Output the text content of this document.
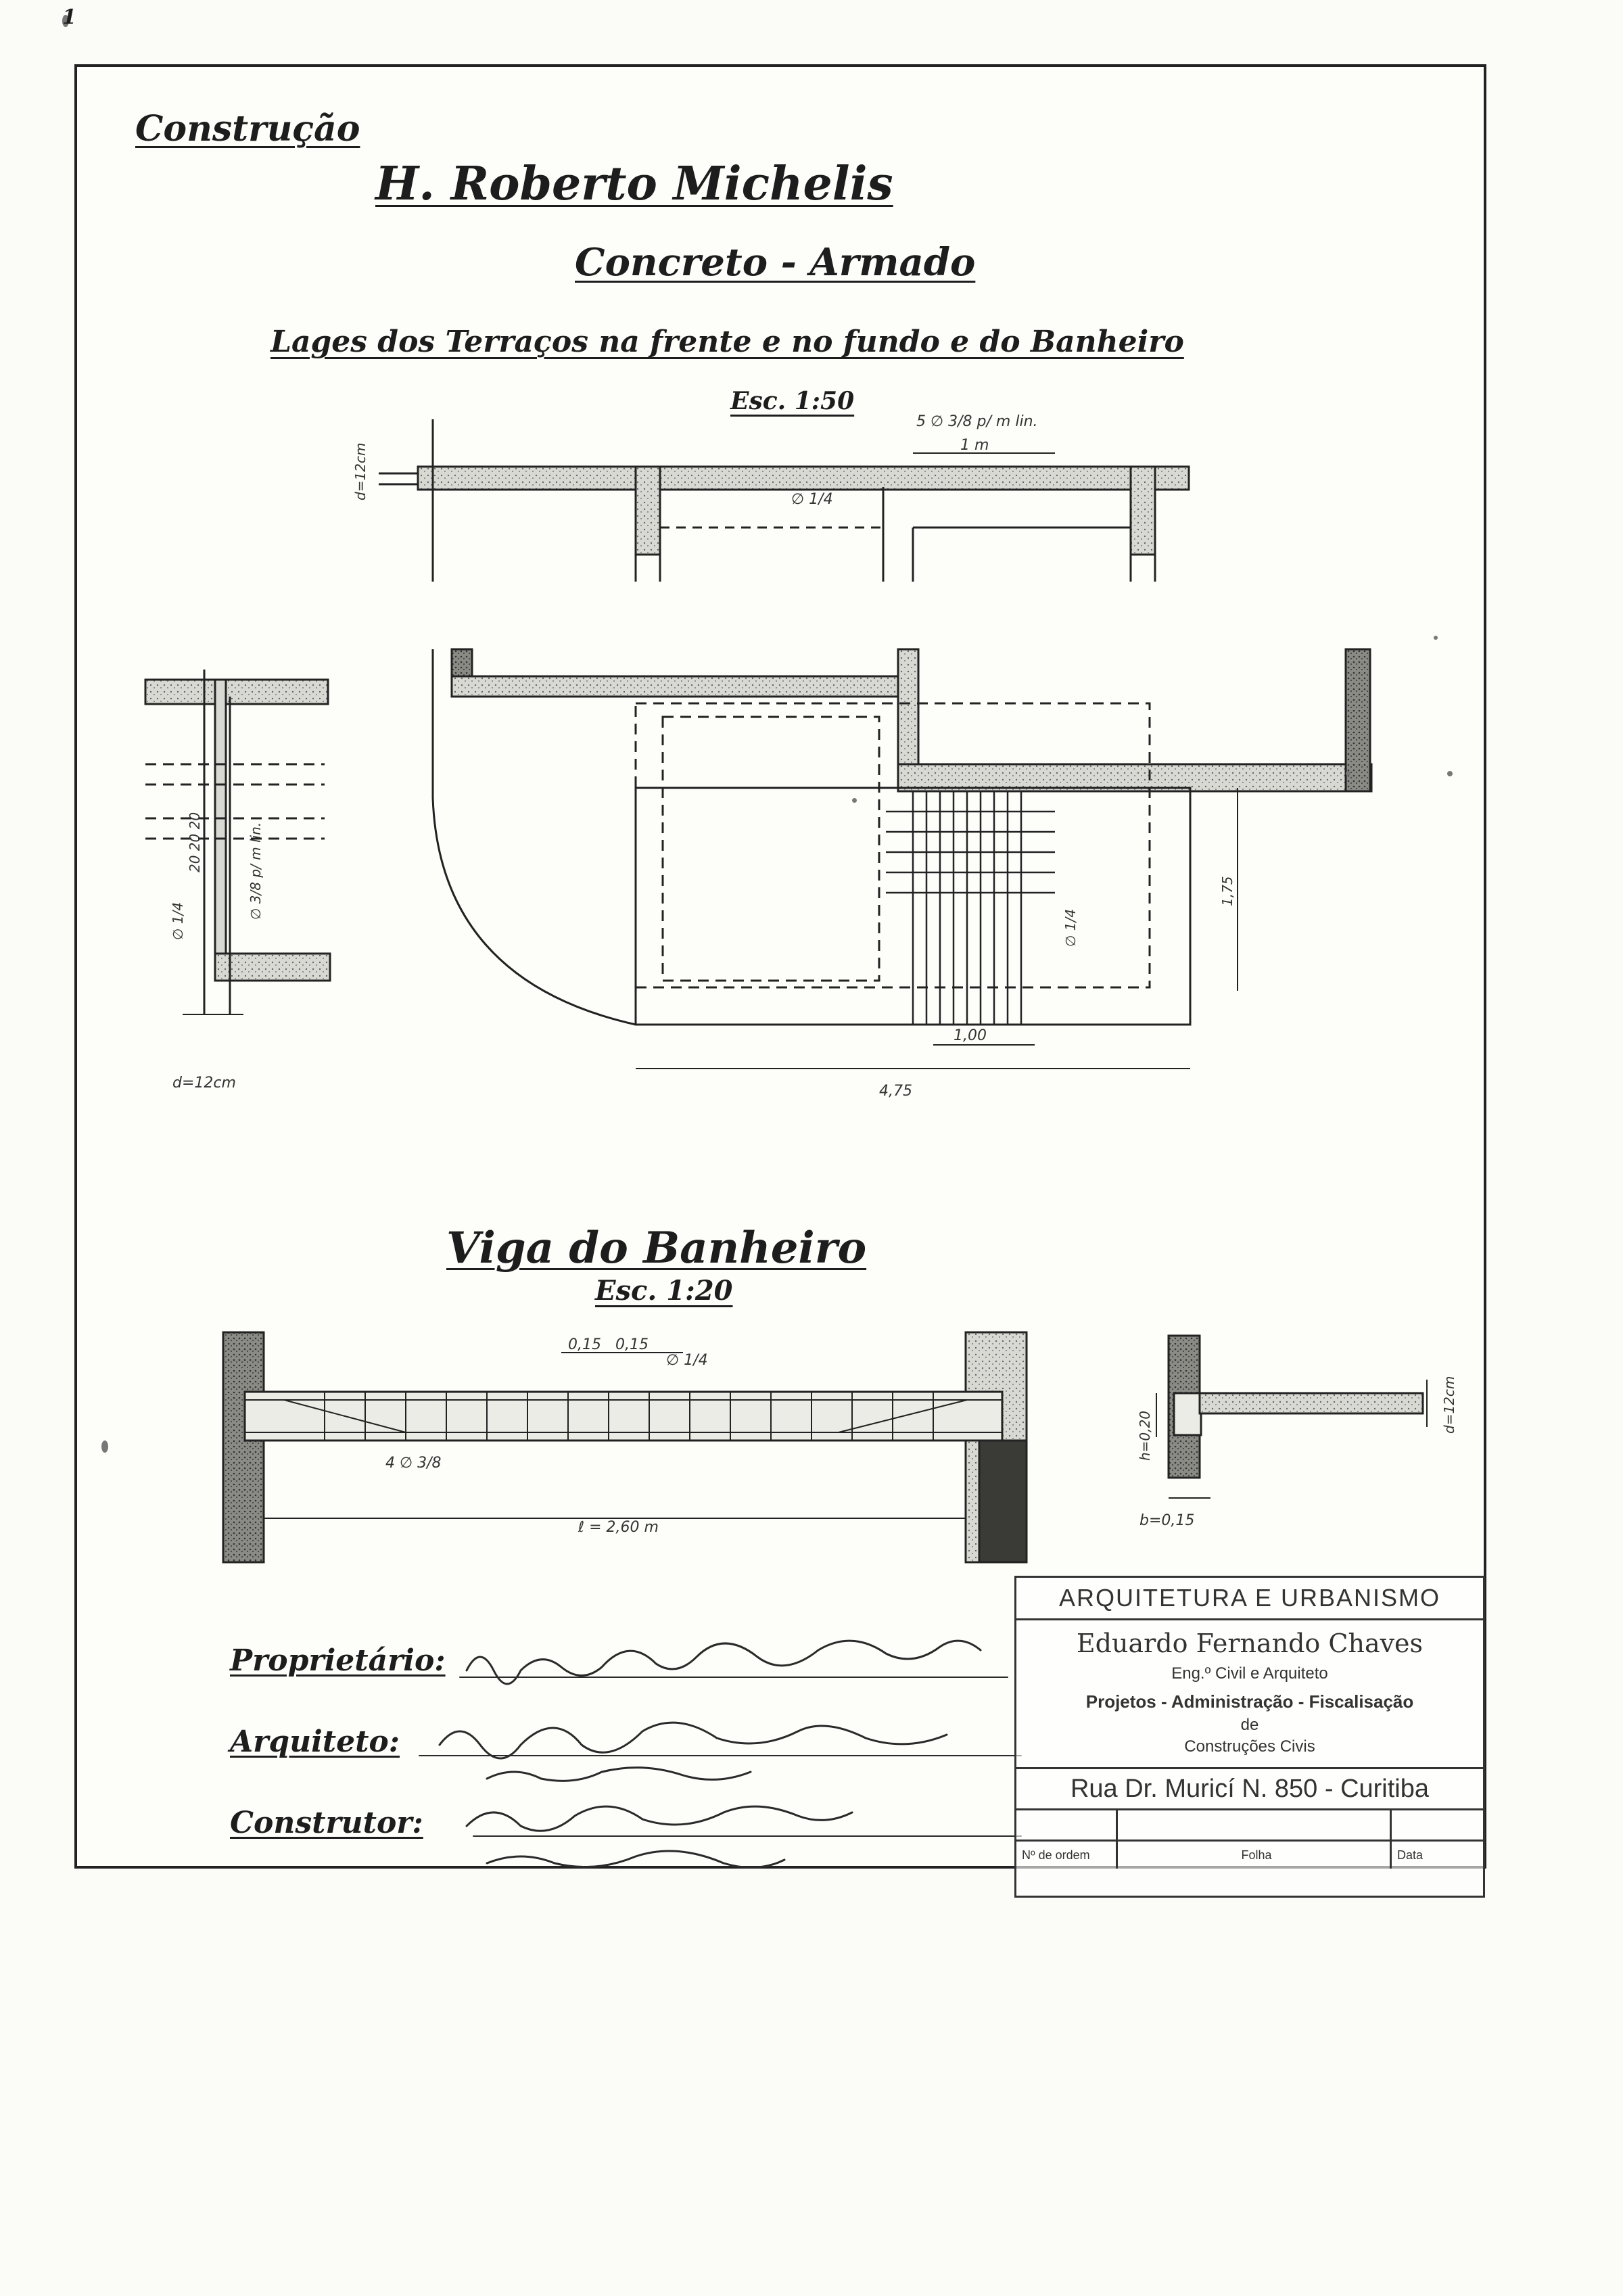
Construção
H. Roberto Michelis
Concreto - Armado
Lages dos Terraços na frente e no fundo e do Banheiro
Esc. 1:50
d=12cm
5 ∅ 3/8 p/ m lin.
1 m
∅ 1/4
∅ 3/8 p/ m lin.
20 20 20
∅ 1/4
d=12cm	4,75
1,00
1,75
∅ 1/4
0,15 0,15
∅ 1/4
4 ∅ 3/8
ℓ = 2,60 m
h=0,20
b=0,15
d=12cm
Viga do Banheiro
Esc. 1:20
Proprietário:
Arquiteto:
Construtor:
ARQUITETURA E URBANISMO
Eduardo Fernando Chaves
Eng.º Civil e Arquiteto
Projetos - Administração - Fiscalisação
de
Construções Civis
Rua Dr. Muricí N. 850 - Curitiba
Nº de ordem	Folha	Data
1
